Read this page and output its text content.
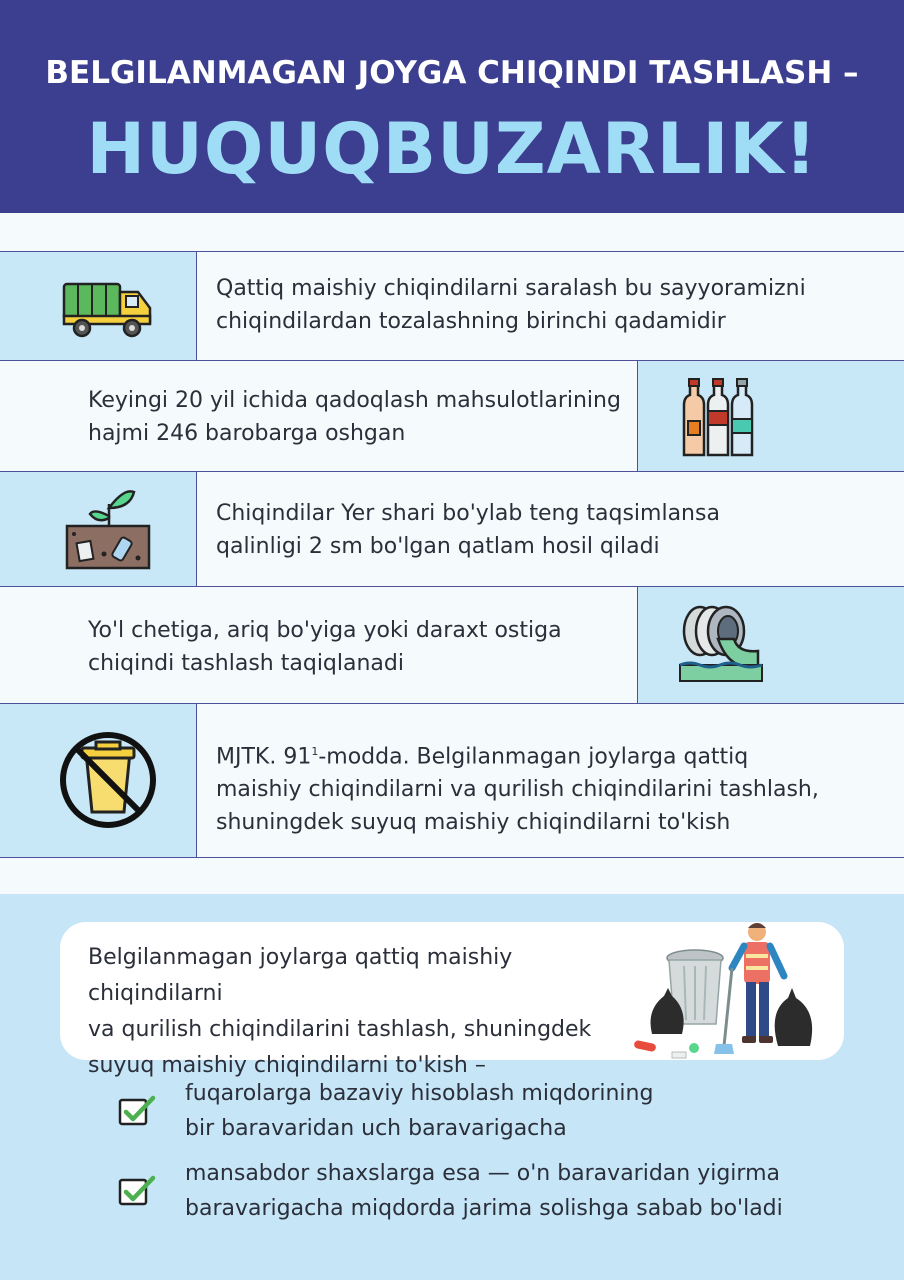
BELGILANMAGAN JOYGA CHIQINDI TASHLASH –
HUQUQBUZARLIK!
Qattiq maishiy chiqindilarni saralash bu sayyoramizni
chiqindilardan tozalashning birinchi qadamidir
Keyingi 20 yil ichida qadoqlash mahsulotlarining
hajmi 246 barobarga oshgan
Chiqindilar Yer shari bo'ylab teng taqsimlansa
qalinligi 2 sm bo'lgan qatlam hosil qiladi
Yo'l chetiga, ariq bo'yiga yoki daraxt ostiga
chiqindi tashlash taqiqlanadi
MJTK. $91^1$-modda. Belgilanmagan joylarga qattiq
maishiy chiqindilarni va qurilish chiqindilarini tashlash,
shuningdek suyuq maishiy chiqindilarni to'kish
Belgilanmagan joylarga qattiq maishiy chiqindilarni
va qurilish chiqindilarini tashlash, shuningdek
suyuq maishiy chiqindilarni to'kish –
fuqarolarga bazaviy hisoblash miqdorining
bir baravaridan uch baravarigacha
mansabdor shaxslarga esa — o'n baravaridan yigirma
baravarigacha miqdorda jarima solishga sabab bo'ladi
